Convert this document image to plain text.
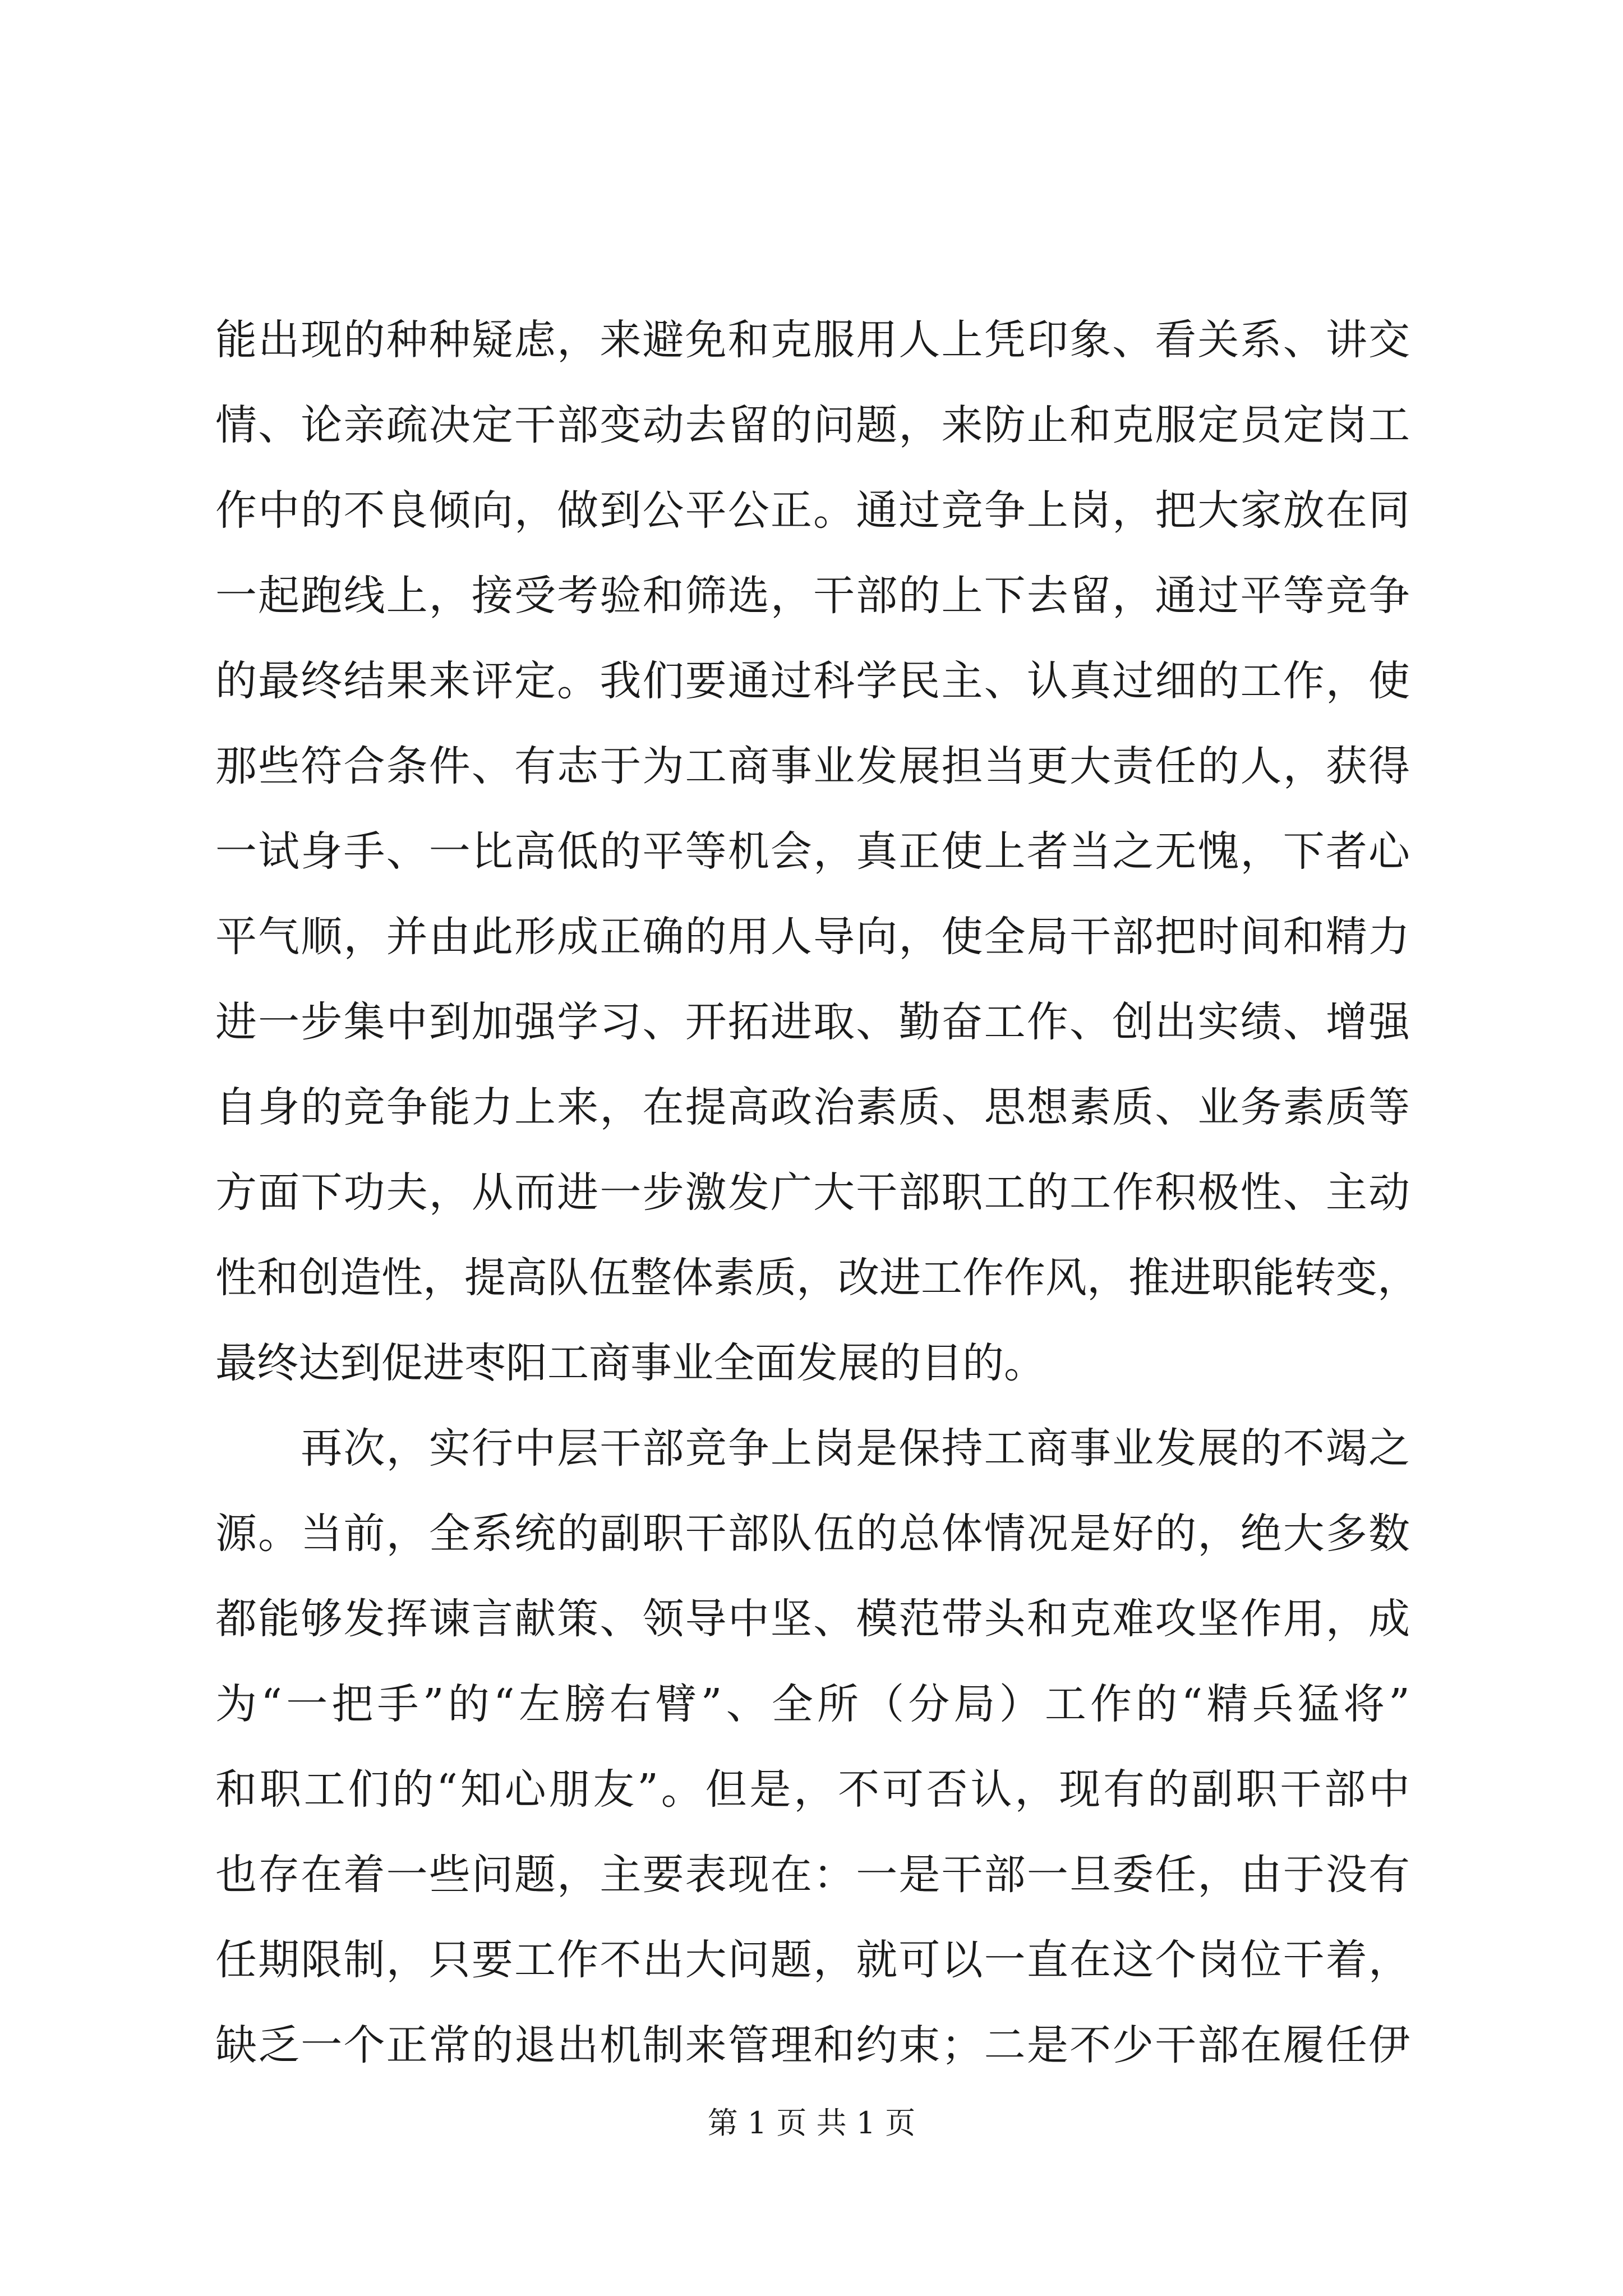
能出现的种种疑虑，来避免和克服用人上凭印象、看关系、讲交
情、论亲疏决定干部变动去留的问题，来防止和克服定员定岗工
作中的不良倾向，做到公平公正。通过竞争上岗，把大家放在同
一起跑线上，接受考验和筛选，干部的上下去留，通过平等竞争
的最终结果来评定。我们要通过科学民主、认真过细的工作，使
那些符合条件、有志于为工商事业发展担当更大责任的人，获得
一试身手、一比高低的平等机会，真正使上者当之无愧，下者心
平气顺，并由此形成正确的用人导向，使全局干部把时间和精力
进一步集中到加强学习、开拓进取、勤奋工作、创出实绩、增强
自身的竞争能力上来，在提高政治素质、思想素质、业务素质等
方面下功夫，从而进一步激发广大干部职工的工作积极性、主动
性和创造性，提高队伍整体素质，改进工作作风，推进职能转变，
最终达到促进枣阳工商事业全面发展的目的。
　　再次，实行中层干部竞争上岗是保持工商事业发展的不竭之
源。当前，全系统的副职干部队伍的总体情况是好的，绝大多数
都能够发挥谏言献策、领导中坚、模范带头和克难攻坚作用，成
为“一把手”的“左膀右臂”、全所（分局）工作的“精兵猛将”
和职工们的“知心朋友”。但是，不可否认，现有的副职干部中
也存在着一些问题，主要表现在：一是干部一旦委任，由于没有
任期限制，只要工作不出大问题，就可以一直在这个岗位干着，
缺乏一个正常的退出机制来管理和约束；二是不少干部在履任伊
第 1 页 共 1 页
